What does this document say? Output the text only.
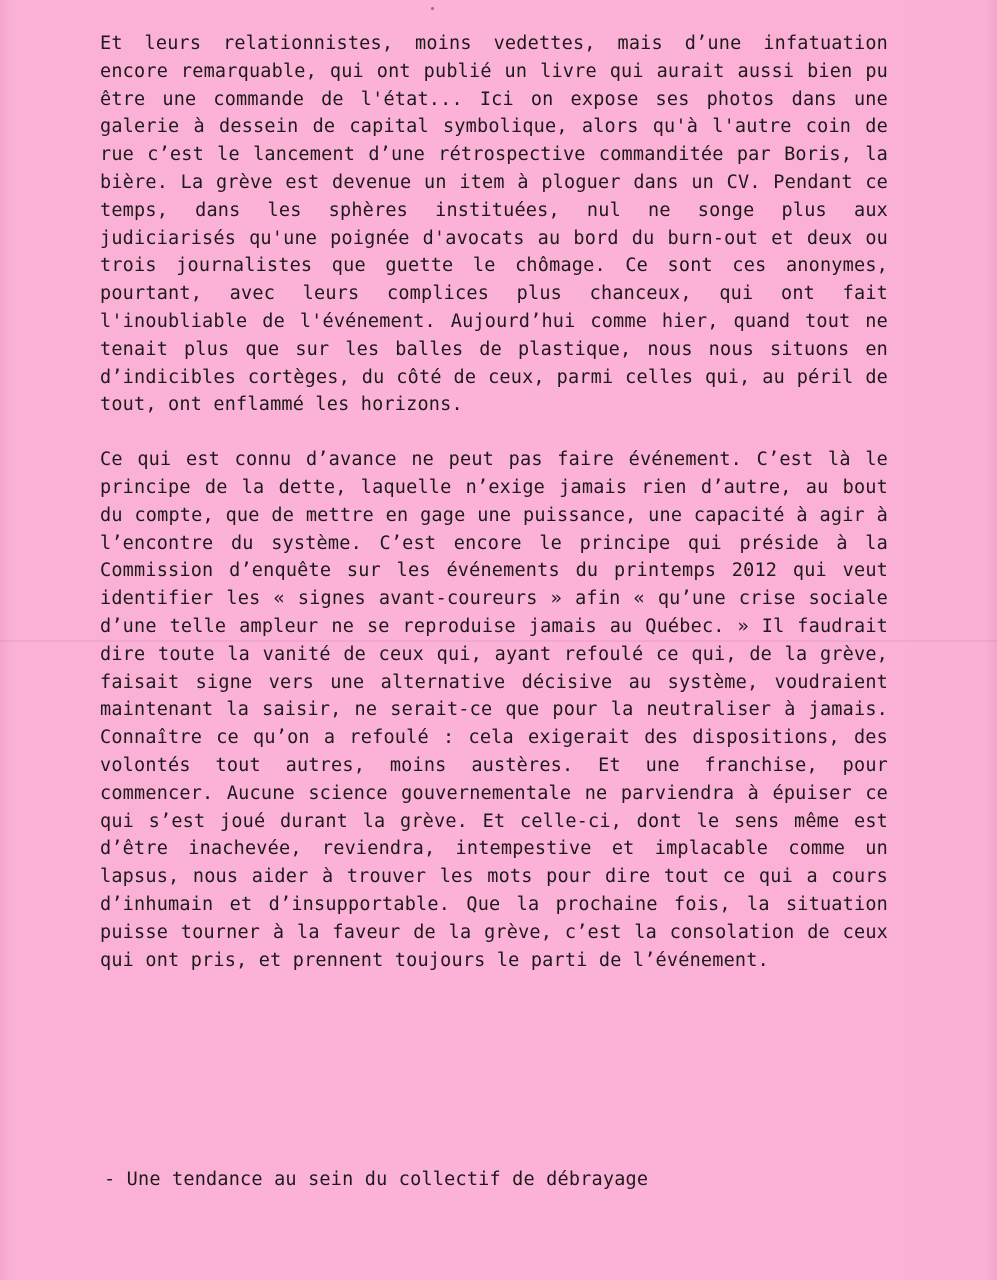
Et leurs relationnistes, moins vedettes, mais d’une infatuation encore remarquable, qui ont publié un livre qui aurait aussi bien pu être une commande de l'état... Ici on expose ses photos dans une galerie à dessein de capital symbolique, alors qu'à l'autre coin de rue c’est le lancement d’une rétrospective commanditée par Boris, la bière. La grève est devenue un item à ploguer dans un CV. Pendant ce temps, dans les sphères instituées, nul ne songe plus aux judiciarisés qu'une poignée d'avocats au bord du burn-out et deux ou trois journalistes que guette le chômage. Ce sont ces anonymes, pourtant, avec leurs complices plus chanceux, qui ont fait l'inoubliable de l'événement. Aujourd’hui comme hier, quand tout ne tenait plus que sur les balles de plastique, nous nous situons en d’indicibles cortèges, du côté de ceux, parmi celles qui, au péril de tout, ont enflammé les horizons.

Ce qui est connu d’avance ne peut pas faire événement. C’est là le principe de la dette, laquelle n’exige jamais rien d’autre, au bout du compte, que de mettre en gage une puissance, une capacité à agir à l’encontre du système. C’est encore le principe qui préside à la Commission d’enquête sur les événements du printemps 2012 qui veut identifier les « signes avant-coureurs » afin « qu’une crise sociale d’une telle ampleur ne se reproduise jamais au Québec. » Il faudrait dire toute la vanité de ceux qui, ayant refoulé ce qui, de la grève, faisait signe vers une alternative décisive au système, voudraient maintenant la saisir, ne serait-ce que pour la neutraliser à jamais. Connaître ce qu’on a refoulé : cela exigerait des dispositions, des volontés tout autres, moins austères. Et une franchise, pour commencer. Aucune science gouvernementale ne parviendra à épuiser ce qui s’est joué durant la grève. Et celle-ci, dont le sens même est d’être inachevée, reviendra, intempestive et implacable comme un lapsus, nous aider à trouver les mots pour dire tout ce qui a cours d’inhumain et d’insupportable. Que la prochaine fois, la situation puisse tourner à la faveur de la grève, c’est la consolation de ceux qui ont pris, et prennent toujours le parti de l’événement.

- Une tendance au sein du collectif de débrayage
